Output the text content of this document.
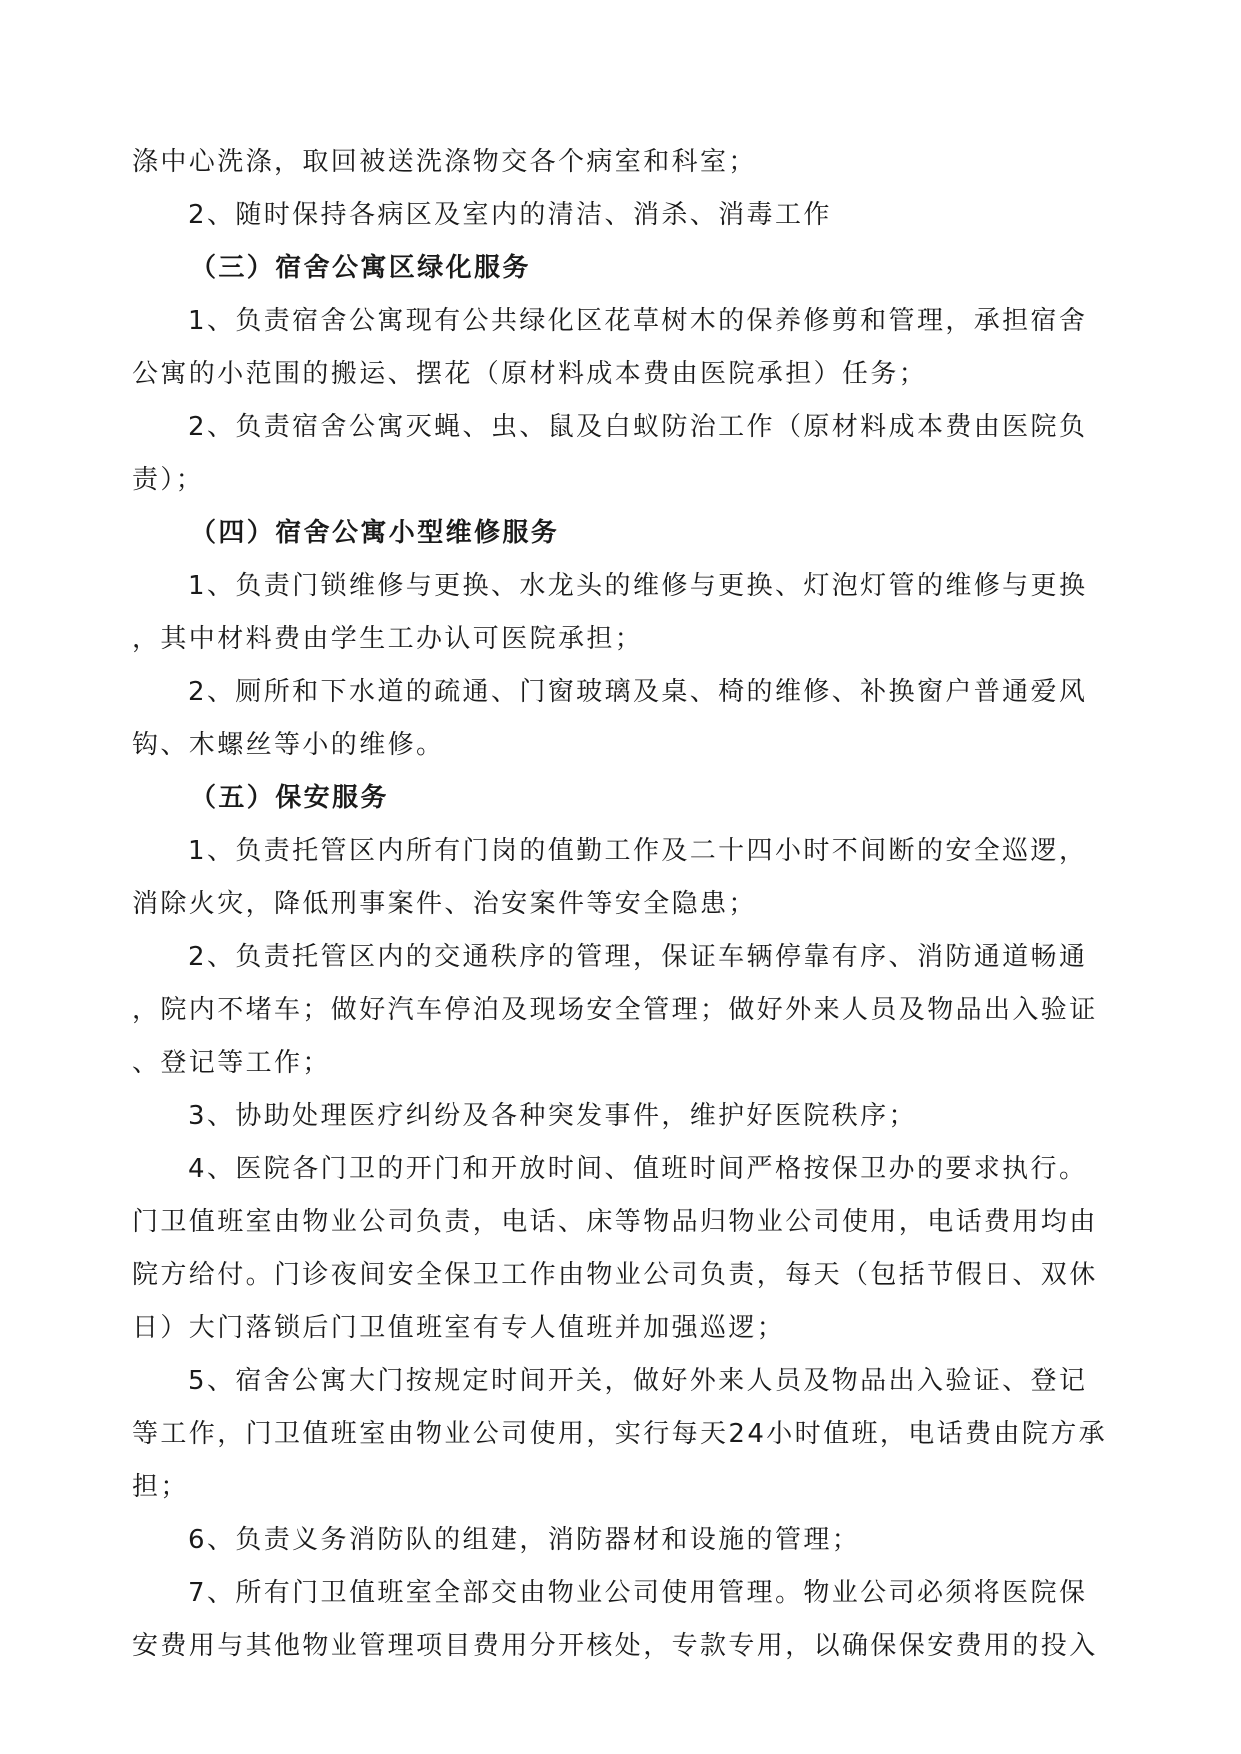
涤中心洗涤，取回被送洗涤物交各个病室和科室；

2、随时保持各病区及室内的清洁、消杀、消毒工作

（三）宿舍公寓区绿化服务

1、负责宿舍公寓现有公共绿化区花草树木的保养修剪和管理，承担宿舍

公寓的小范围的搬运、摆花（原材料成本费由医院承担）任务；

2、负责宿舍公寓灭蝇、虫、鼠及白蚁防治工作（原材料成本费由医院负

责）；

（四）宿舍公寓小型维修服务

1、负责门锁维修与更换、水龙头的维修与更换、灯泡灯管的维修与更换

，其中材料费由学生工办认可医院承担；

2、厕所和下水道的疏通、门窗玻璃及桌、椅的维修、补换窗户普通爱风

钩、木螺丝等小的维修。

（五）保安服务

1、负责托管区内所有门岗的值勤工作及二十四小时不间断的安全巡逻，

消除火灾，降低刑事案件、治安案件等安全隐患；

2、负责托管区内的交通秩序的管理，保证车辆停靠有序、消防通道畅通

，院内不堵车；做好汽车停泊及现场安全管理；做好外来人员及物品出入验证

、登记等工作；

3、协助处理医疗纠纷及各种突发事件，维护好医院秩序；

4、医院各门卫的开门和开放时间、值班时间严格按保卫办的要求执行。

门卫值班室由物业公司负责，电话、床等物品归物业公司使用，电话费用均由

院方给付。门诊夜间安全保卫工作由物业公司负责，每天（包括节假日、双休

日）大门落锁后门卫值班室有专人值班并加强巡逻；

5、宿舍公寓大门按规定时间开关，做好外来人员及物品出入验证、登记

等工作，门卫值班室由物业公司使用，实行每天24小时值班，电话费由院方承

担；

6、负责义务消防队的组建，消防器材和设施的管理；

7、所有门卫值班室全部交由物业公司使用管理。物业公司必须将医院保

安费用与其他物业管理项目费用分开核处，专款专用，以确保保安费用的投入
